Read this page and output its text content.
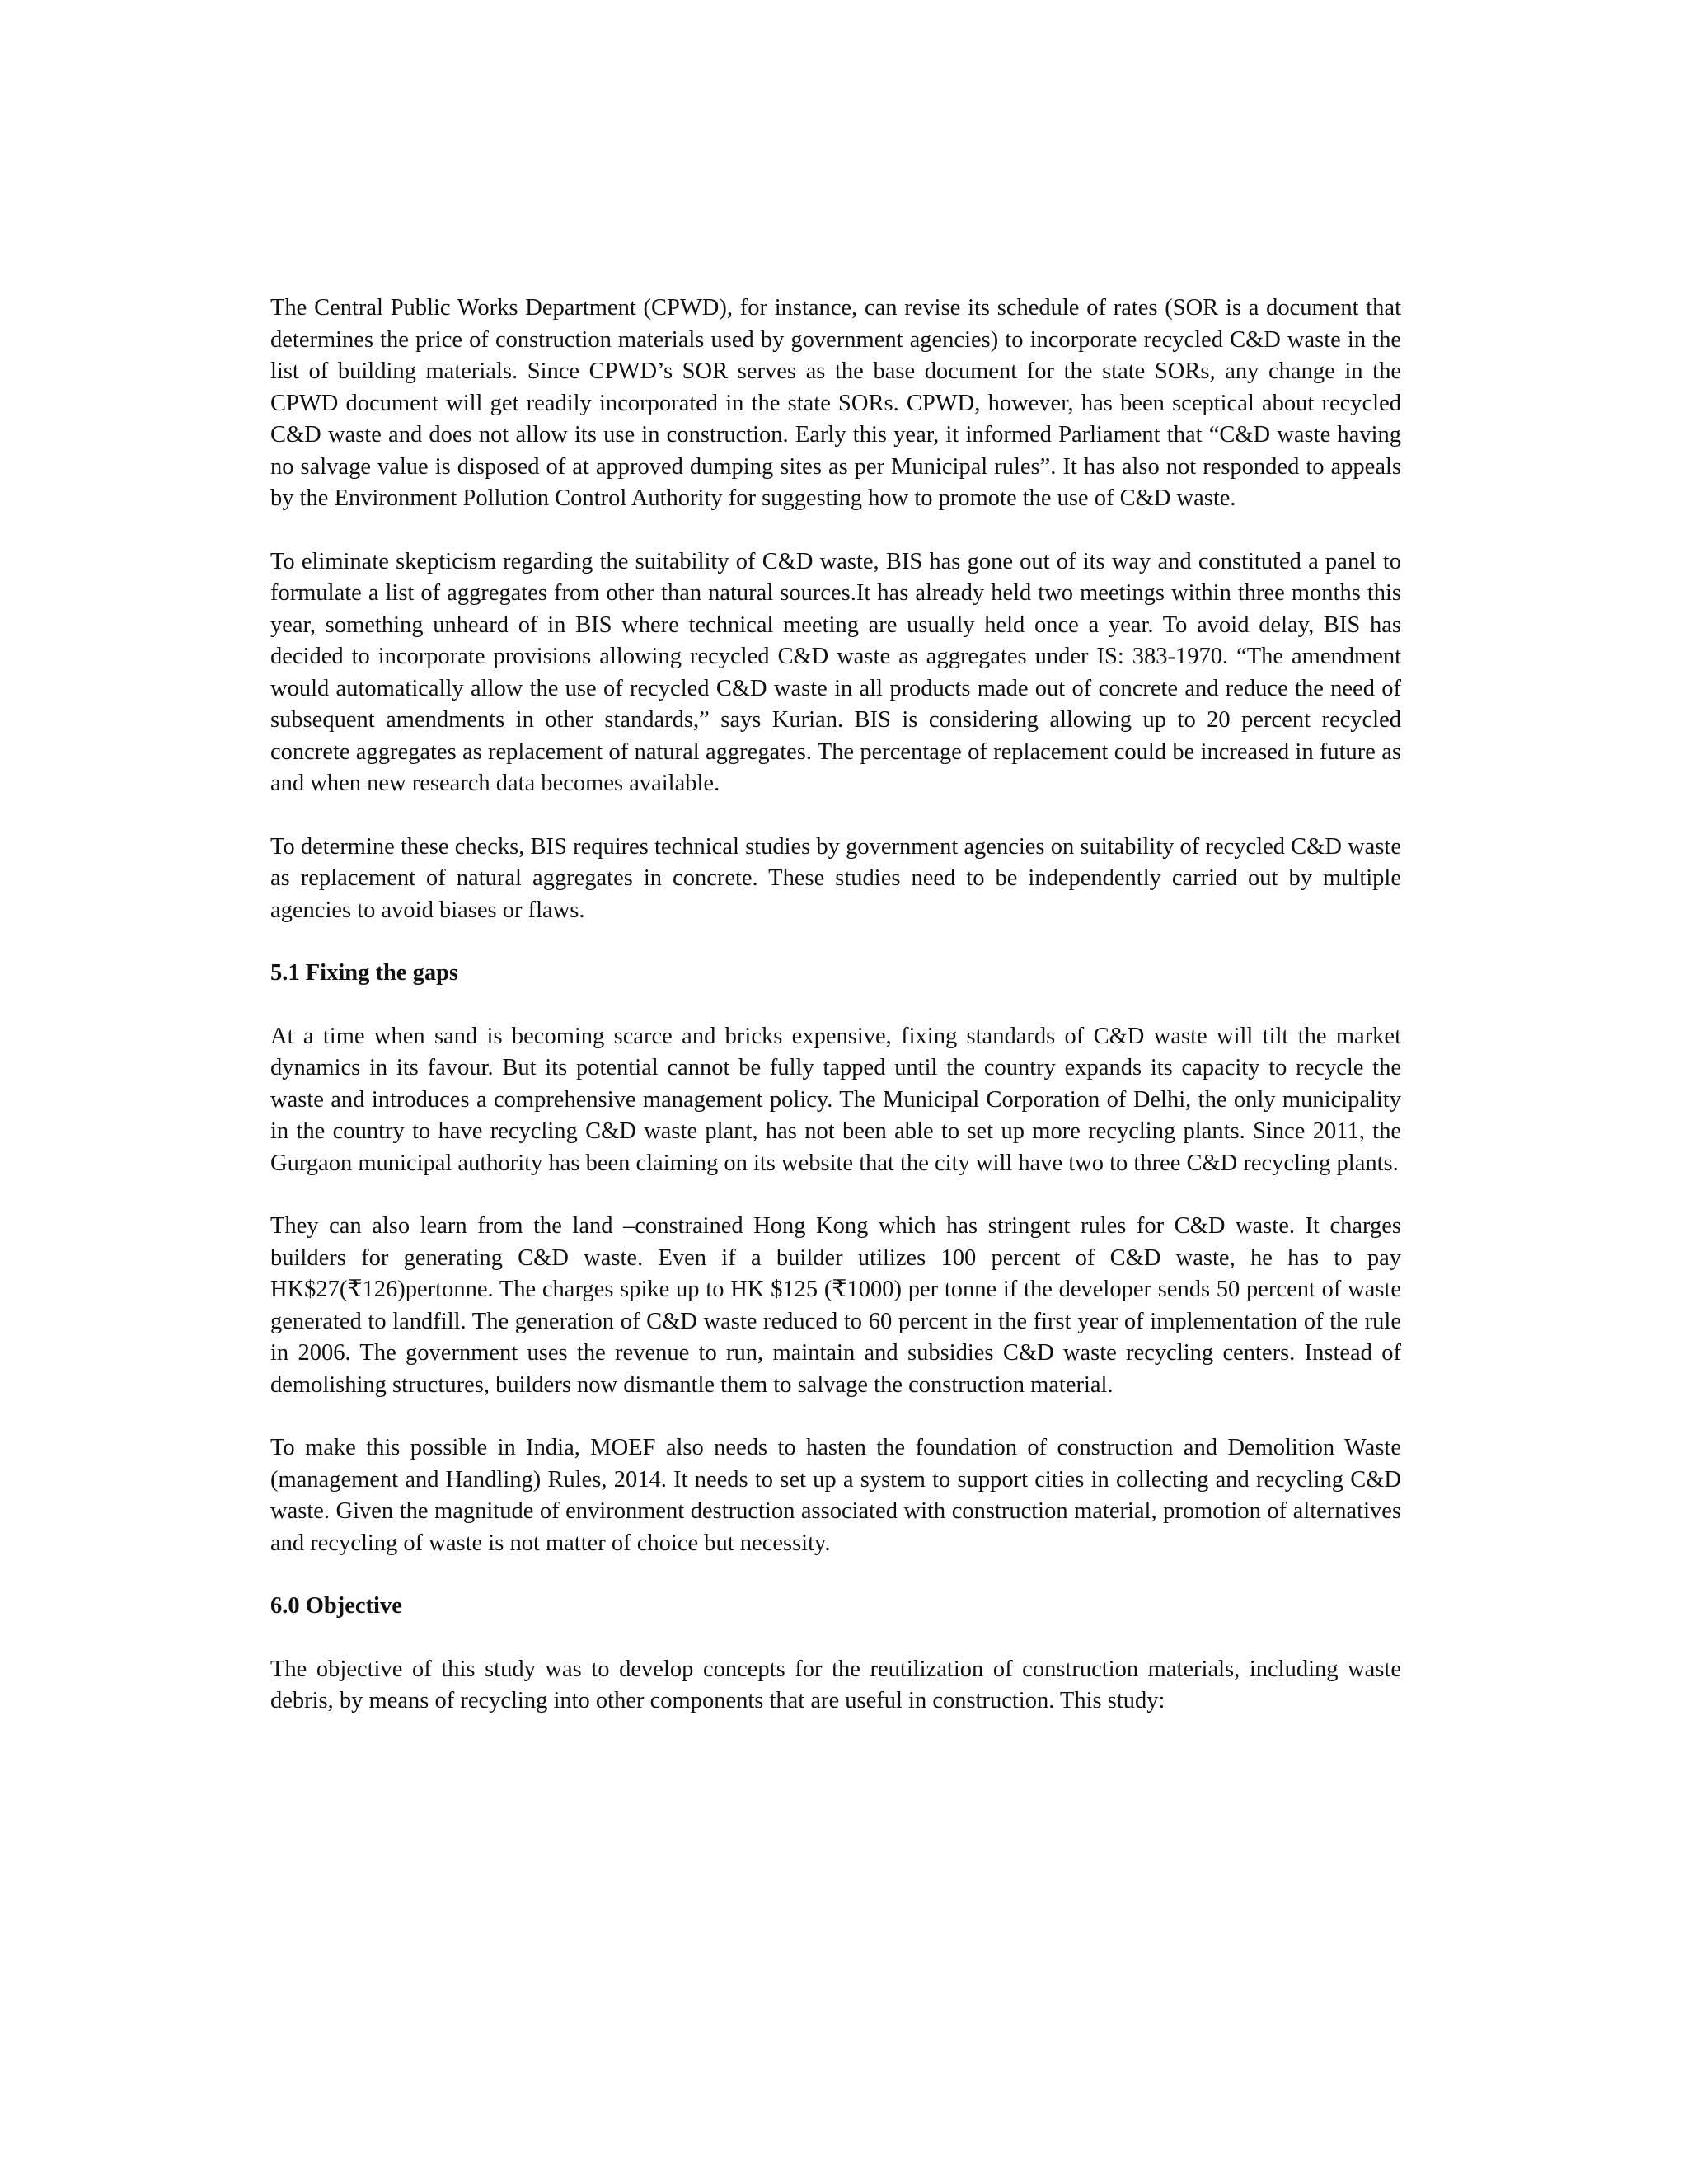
The Central Public Works Department (CPWD), for instance, can revise its schedule of rates (SOR is a document that determines the price of construction materials used by government agencies) to incorporate recycled C&D waste in the list of building materials. Since CPWD’s SOR serves as the base document for the state SORs, any change in the CPWD document will get readily incorporated in the state SORs. CPWD, however, has been sceptical about recycled C&D waste and does not allow its use in construction. Early this year, it informed Parliament that “C&D waste having no salvage value is disposed of at approved dumping sites as per Municipal rules”. It has also not responded to appeals by the Environment Pollution Control Authority for suggesting how to promote the use of C&D waste.

To eliminate skepticism regarding the suitability of C&D waste, BIS has gone out of its way and constituted a panel to formulate a list of aggregates from other than natural sources.It has already held two meetings within three months this year, something unheard of in BIS where technical meeting are usually held once a year. To avoid delay, BIS has decided to incorporate provisions allowing recycled C&D waste as aggregates under IS: 383-1970. “The amendment would automatically allow the use of recycled C&D waste in all products made out of concrete and reduce the need of subsequent amendments in other standards,” says Kurian. BIS is considering allowing up to 20 percent recycled concrete aggregates as replacement of natural aggregates. The percentage of replacement could be increased in future as and when new research data becomes available.

To determine these checks, BIS requires technical studies by government agencies on suitability of recycled C&D waste as replacement of natural aggregates in concrete. These studies need to be independently carried out by multiple agencies to avoid biases or flaws.

5.1 Fixing the gaps

At a time when sand is becoming scarce and bricks expensive, fixing standards of C&D waste will tilt the market dynamics in its favour. But its potential cannot be fully tapped until the country expands its capacity to recycle the waste and introduces a comprehensive management policy. The Municipal Corporation of Delhi, the only municipality in the country to have recycling C&D waste plant, has not been able to set up more recycling plants. Since 2011, the Gurgaon municipal authority has been claiming on its website that the city will have two to three C&D recycling plants.

They can also learn from the land –constrained Hong Kong which has stringent rules for C&D waste. It charges builders for generating C&D waste. Even if a builder utilizes 100 percent of C&D waste, he has to pay HK$27(₹126)pertonne. The charges spike up to HK $125 (₹1000) per tonne if the developer sends 50 percent of waste generated to landfill. The generation of C&D waste reduced to 60 percent in the first year of implementation of the rule in 2006. The government uses the revenue to run, maintain and subsidies C&D waste recycling centers. Instead of demolishing structures, builders now dismantle them to salvage the construction material.

To make this possible in India, MOEF also needs to hasten the foundation of construction and Demolition Waste (management and Handling) Rules, 2014. It needs to set up a system to support cities in collecting and recycling C&D waste. Given the magnitude of environment destruction associated with construction material, promotion of alternatives and recycling of waste is not matter of choice but necessity.

6.0 Objective

The objective of this study was to develop concepts for the reutilization of construction materials, including waste debris, by means of recycling into other components that are useful in construction. This study:
